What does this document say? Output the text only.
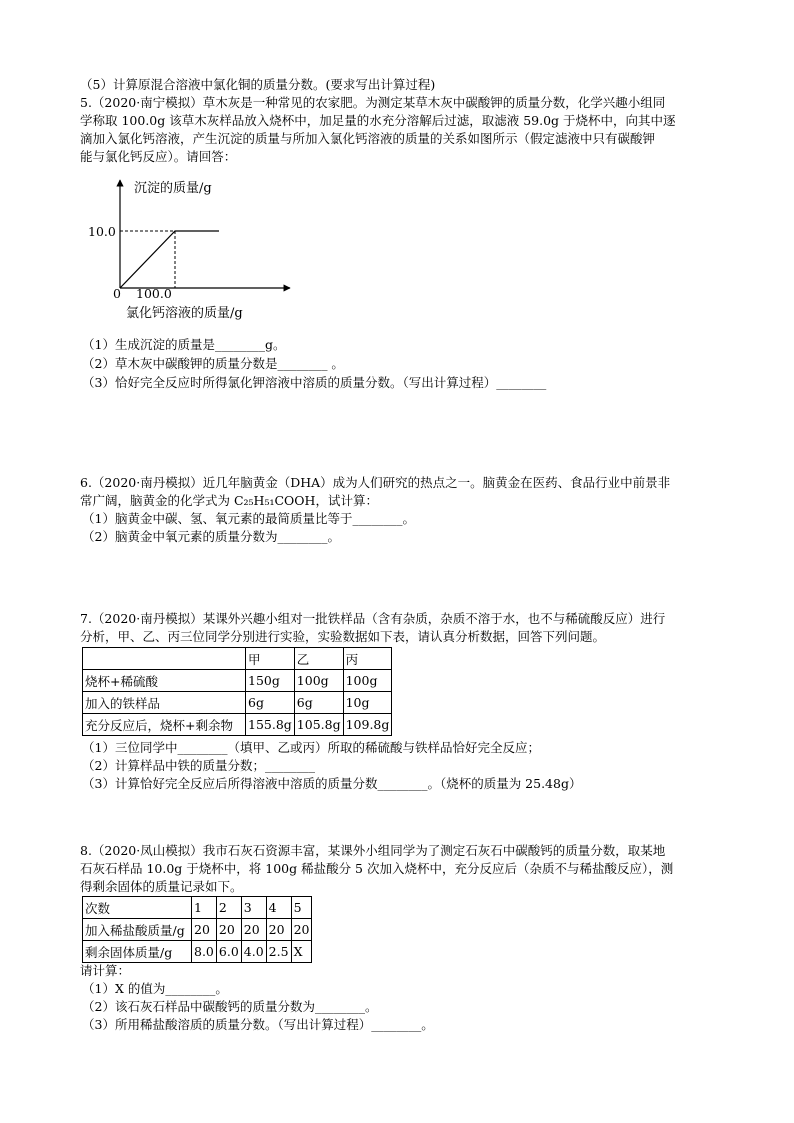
（5）计算原混合溶液中氯化铜的质量分数。(要求写出计算过程)
5.（2020·南宁模拟）草木灰是一种常见的农家肥。为测定某草木灰中碳酸钾的质量分数，化学兴趣小组同
学称取 100.0g 该草木灰样品放入烧杯中，加足量的水充分溶解后过滤，取滤液 59.0g 于烧杯中，向其中逐
滴加入氯化钙溶液，产生沉淀的质量与所加入氯化钙溶液的质量的关系如图所示（假定滤液中只有碳酸钾
能与氯化钙反应）。请回答：
沉淀的质量/g
10.0
0 100.0
氯化钙溶液的质量/g
（1）生成沉淀的质量是________g。
（2）草木灰中碳酸钾的质量分数是________ 。
（3）恰好完全反应时所得氯化钾溶液中溶质的质量分数。（写出计算过程）________
6.（2020·南丹模拟）近几年脑黄金（DHA）成为人们研究的热点之一。脑黄金在医药、食品行业中前景非
常广阔，脑黄金的化学式为 C₂₅H₅₁COOH，试计算：
（1）脑黄金中碳、氢、氧元素的最简质量比等于________。
（2）脑黄金中氧元素的质量分数为________。
7.（2020·南丹模拟）某课外兴趣小组对一批铁样品（含有杂质，杂质不溶于水，也不与稀硫酸反应）进行
分析，甲、乙、丙三位同学分别进行实验，实验数据如下表，请认真分析数据，回答下列问题。
	甲	乙	丙
烧杯+稀硫酸	150g	100g	100g
加入的铁样品	6g	6g	10g
充分反应后，烧杯+剩余物	155.8g	105.8g	109.8g
（1）三位同学中________（填甲、乙或丙）所取的稀硫酸与铁样品恰好完全反应；
（2）计算样品中铁的质量分数；________
（3）计算恰好完全反应后所得溶液中溶质的质量分数________。（烧杯的质量为 25.48g）
8.（2020·凤山模拟）我市石灰石资源丰富，某课外小组同学为了测定石灰石中碳酸钙的质量分数，取某地
石灰石样品 10.0g 于烧杯中，将 100g 稀盐酸分 5 次加入烧杯中，充分反应后（杂质不与稀盐酸反应），测
得剩余固体的质量记录如下。
次数	1	2	3	4	5
加入稀盐酸质量/g	20	20	20	20	20
剩余固体质量/g	8.0	6.0	4.0	2.5	X
请计算：
（1）X 的值为________。
（2）该石灰石样品中碳酸钙的质量分数为________。
（3）所用稀盐酸溶质的质量分数。（写出计算过程）________。
